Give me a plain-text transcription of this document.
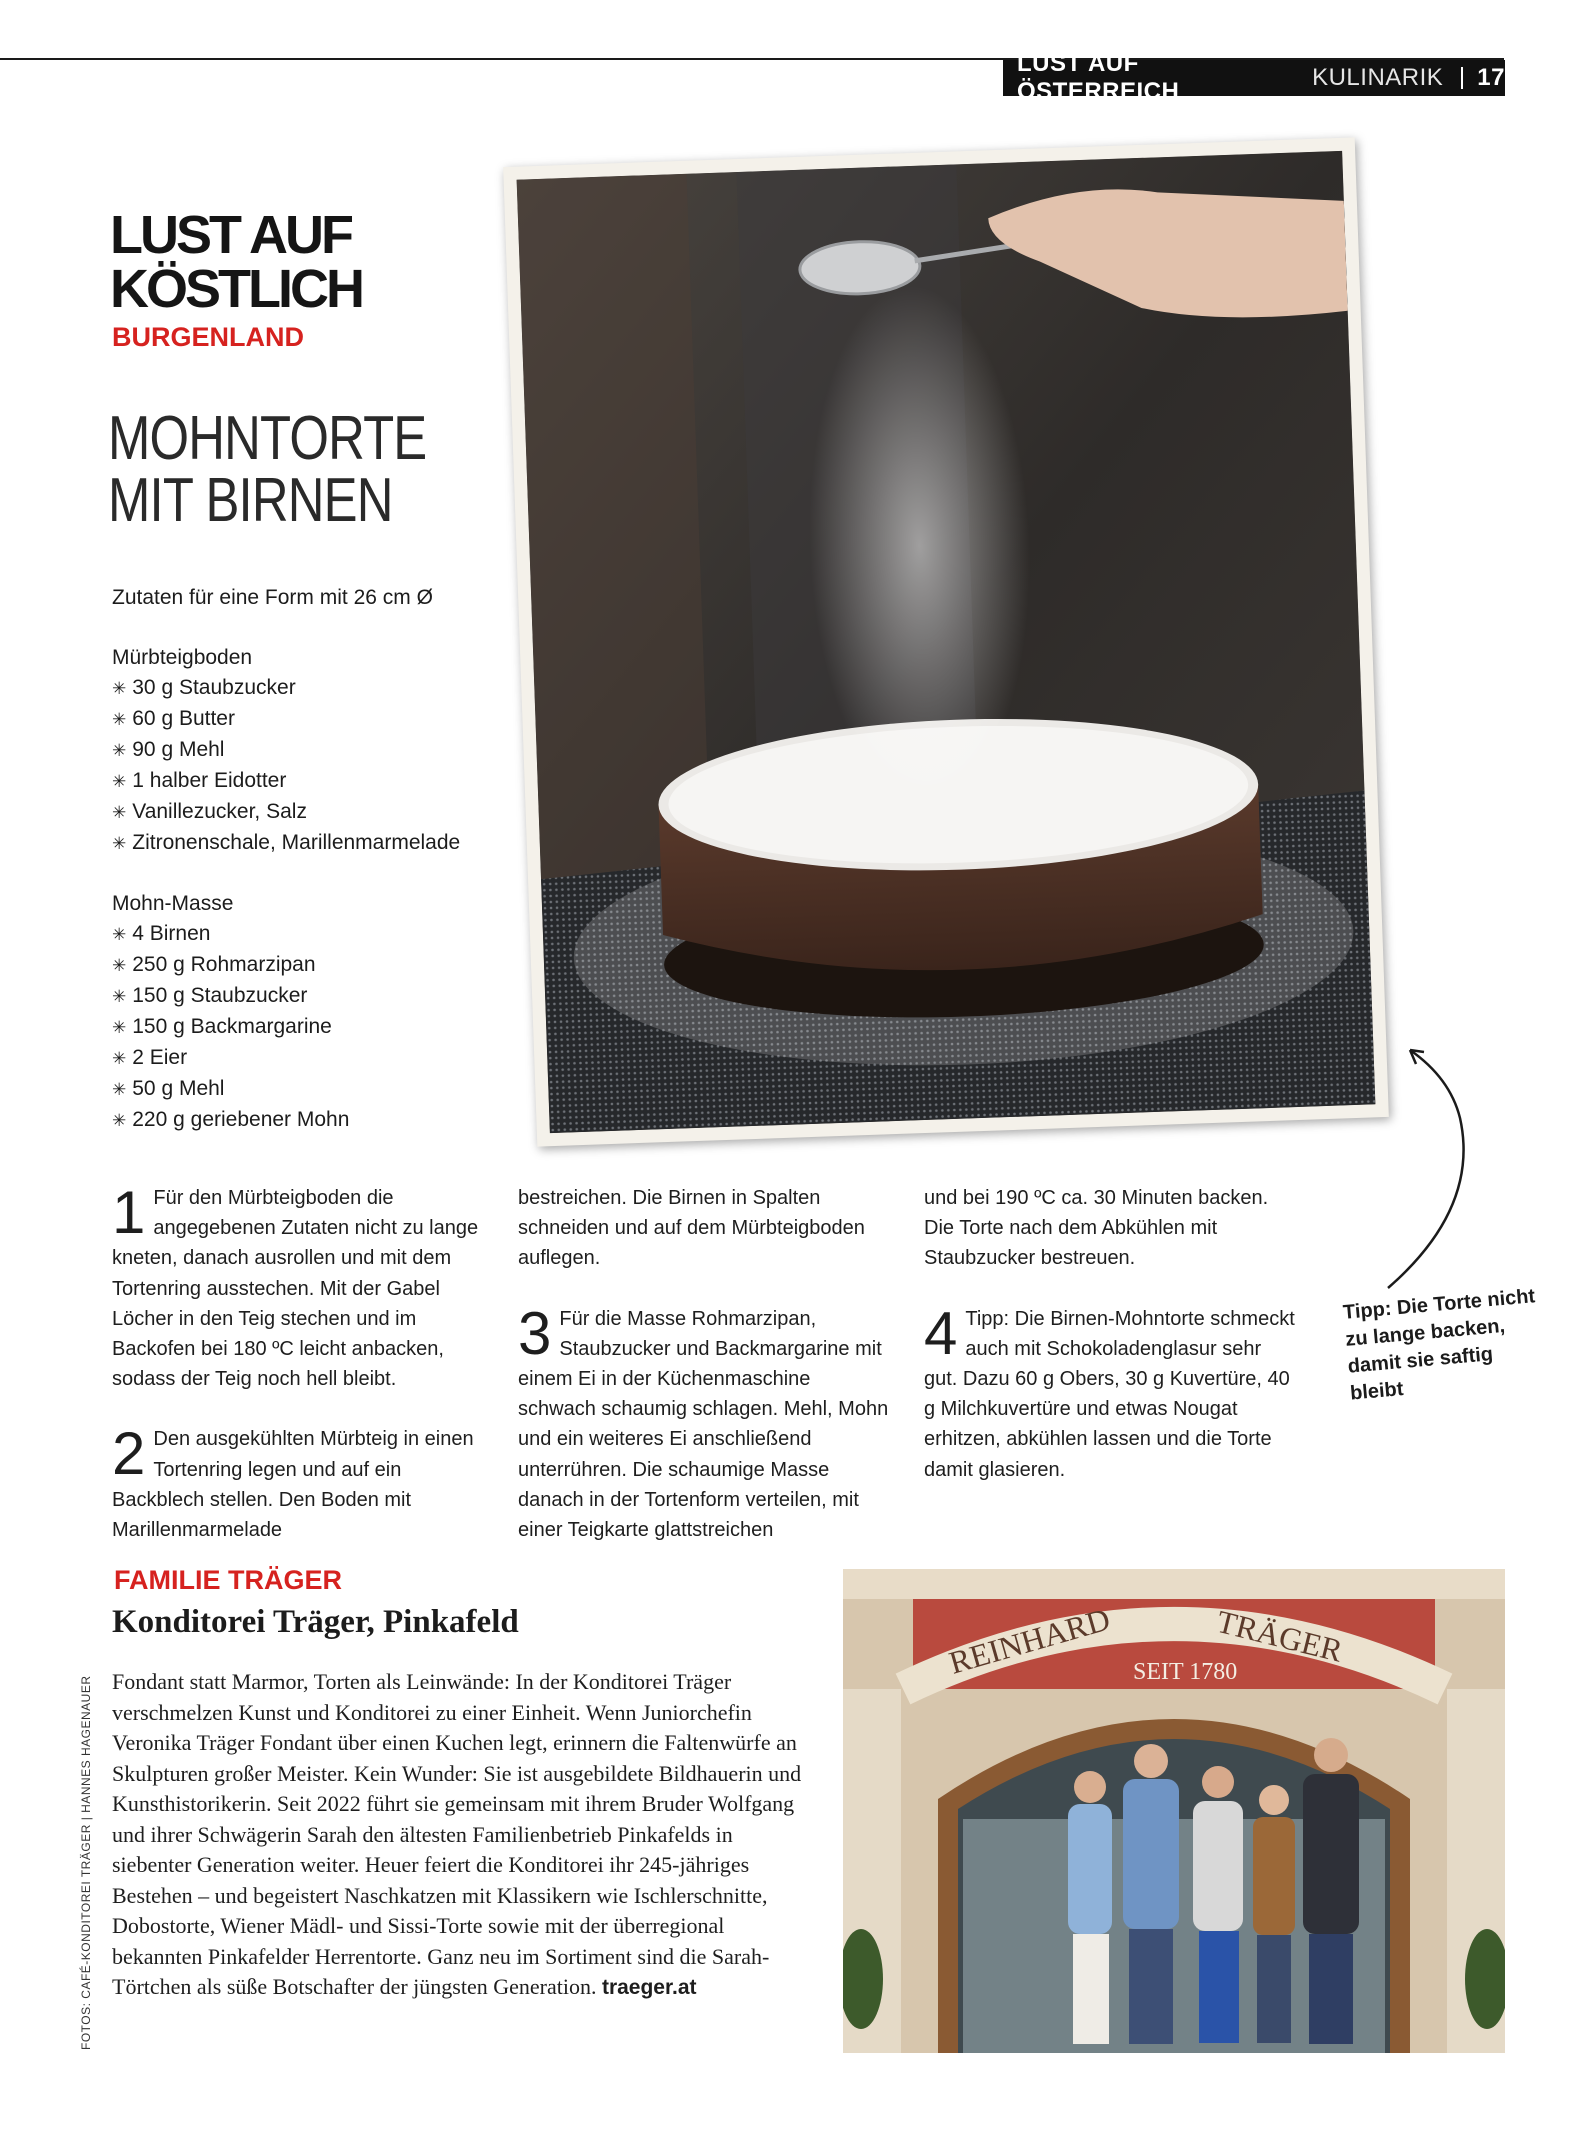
LUST AUF ÖSTERREICH
KULINARIK	17
LUST AUF
KÖSTLICH
BURGENLAND
MOHNTORTE
MIT BIRNEN
Zutaten für eine Form mit 26 cm Ø
Mürbteigboden
✳ 30 g Staubzucker
✳ 60 g Butter
✳ 90 g Mehl
✳ 1 halber Eidotter
✳ Vanillezucker, Salz
✳ Zitronenschale, Marillenmarmelade
Mohn-Masse
✳ 4 Birnen
✳ 250 g Rohmarzipan
✳ 150 g Staubzucker
✳ 150 g Backmargarine
✳ 2 Eier
✳ 50 g Mehl
✳ 220 g geriebener Mohn

1 Für den Mürbteigboden die angegebenen Zutaten nicht zu lange kneten, danach ausrollen und mit dem Tortenring ausstechen. Mit der Gabel Löcher in den Teig stechen und im Backofen bei 180 ºC leicht anbacken, sodass der Teig noch hell bleibt.

2 Den ausgekühlten Mürbteig in einen Tortenring legen und auf ein Backblech stellen. Den Boden mit Marillenmarmelade

bestreichen. Die Birnen in Spalten schneiden und auf dem Mürbteigboden auflegen.

3 Für die Masse Rohmarzipan, Staubzucker und Backmargarine mit einem Ei in der Küchenmaschine schwach schaumig schlagen. Mehl, Mohn und ein weiteres Ei anschließend unterrühren. Die schaumige Masse danach in der Tortenform verteilen, mit einer Teigkarte glattstreichen

und bei 190 ºC ca. 30 Minuten backen. Die Torte nach dem Abkühlen mit Staubzucker bestreuen.

4 Tipp: Die Birnen-Mohntorte schmeckt auch mit Schokoladenglasur sehr gut. Dazu 60 g Obers, 30 g Kuvertüre, 40 g Milchkuvertüre und etwas Nougat erhitzen, abkühlen lassen und die Torte damit glasieren.

Tipp: Die Torte nicht zu lange backen, damit sie saftig bleibt
FAMILIE TRÄGER
Konditorei Träger, Pinkafeld
Fondant statt Marmor, Torten als Leinwände: In der Konditorei Träger verschmelzen Kunst und Konditorei zu einer Einheit. Wenn Juniorchefin Veronika Träger Fondant über einen Kuchen legt, erinnern die Faltenwürfe an Skulpturen großer Meister. Kein Wunder: Sie ist ausgebildete Bildhauerin und Kunsthistorikerin. Seit 2022 führt sie gemeinsam mit ihrem Bruder Wolfgang und ihrer Schwägerin Sarah den ältesten Familienbetrieb Pinkafelds in siebenter Generation weiter. Heuer feiert die Konditorei ihr 245-jähriges Bestehen – und begeistert Naschkatzen mit Klassikern wie Ischlerschnitte, Dobostorte, Wiener Mädl- und Sissi-Torte sowie mit der überregional bekannten Pinkafelder Herrentorte. Ganz neu im Sortiment sind die Sarah-Törtchen als süße Botschafter der jüngsten Generation. traeger.at
FOTOS: CAFÉ-KONDITOREI TRÄGER | HANNES HAGENAUER
REINHARD	TRÄGER
SEIT 1780
